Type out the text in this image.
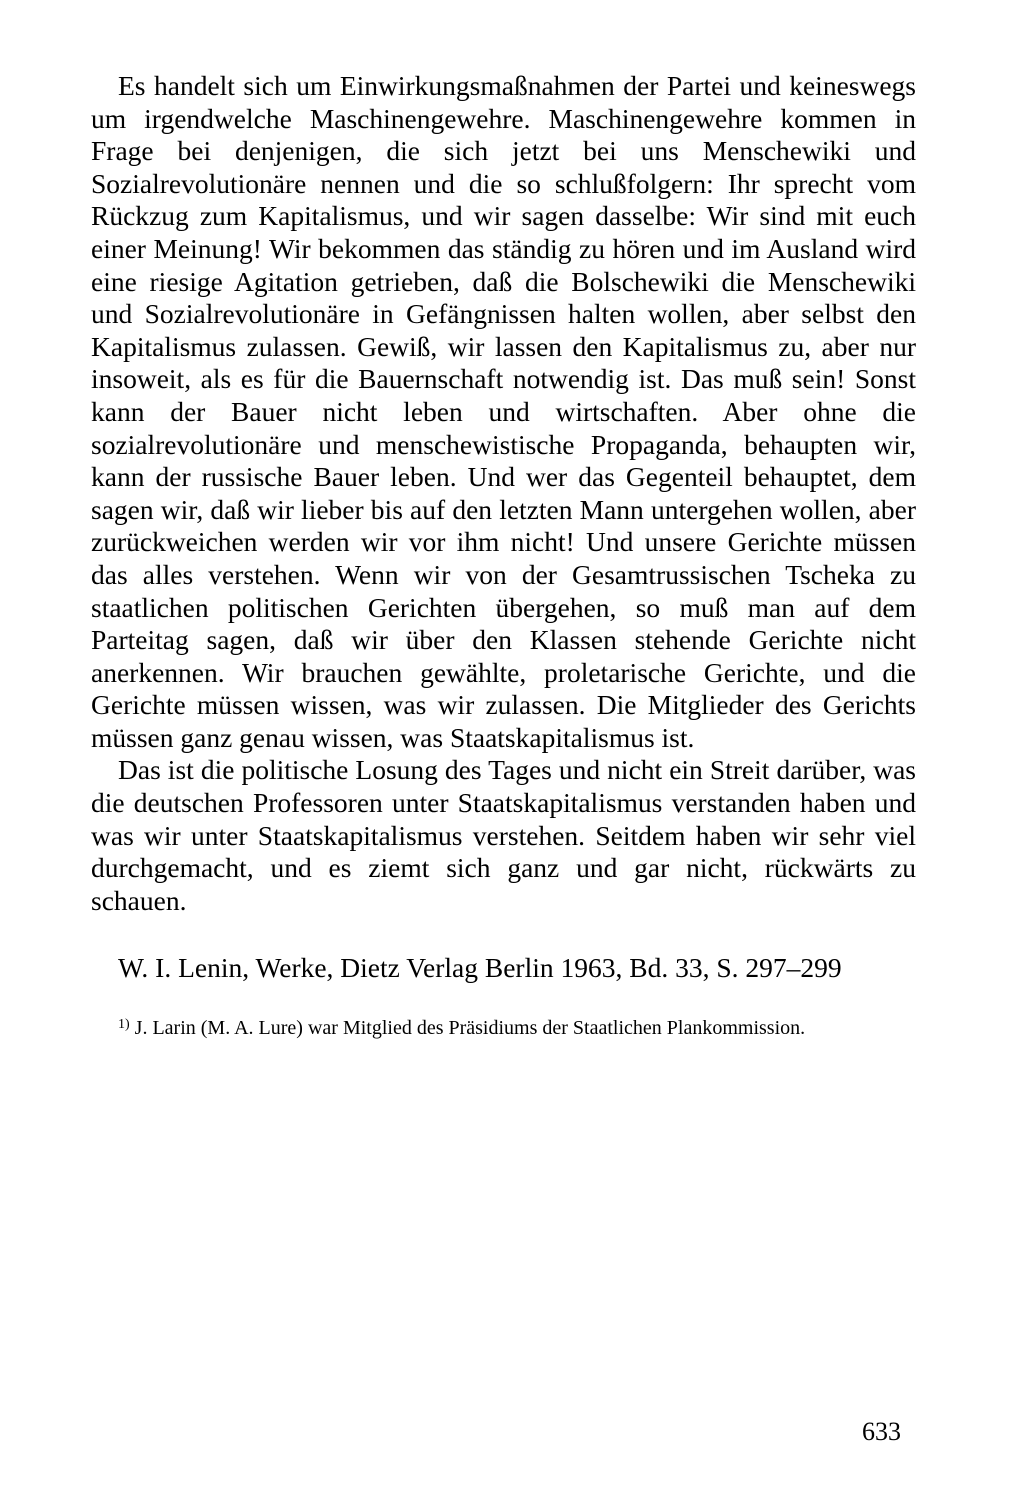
Es handelt sich um Einwirkungsmaßnahmen der Partei und keineswegs um irgendwelche Maschinengewehre. Maschinengewehre kommen in Frage bei denjenigen, die sich jetzt bei uns Menschewiki und Sozialrevolutionäre nennen und die so schlußfolgern: Ihr sprecht vom Rückzug zum Kapitalismus, und wir sagen dasselbe: Wir sind mit euch einer Meinung! Wir bekommen das ständig zu hören und im Ausland wird eine riesige Agitation getrieben, daß die Bolschewiki die Menschewiki und Sozialrevolutionäre in Gefängnissen halten wollen, aber selbst den Kapitalismus zulassen. Gewiß, wir lassen den Kapitalismus zu, aber nur insoweit, als es für die Bauernschaft notwendig ist. Das muß sein! Sonst kann der Bauer nicht leben und wirtschaften. Aber ohne die sozialrevolutionäre und menschewistische Propaganda, behaupten wir, kann der russische Bauer leben. Und wer das Gegenteil behauptet, dem sagen wir, daß wir lieber bis auf den letzten Mann untergehen wollen, aber zurückweichen werden wir vor ihm nicht! Und unsere Gerichte müssen das alles verstehen. Wenn wir von der Gesamtrussischen Tscheka zu staatlichen politischen Gerichten übergehen, so muß man auf dem Parteitag sagen, daß wir über den Klassen stehende Gerichte nicht anerkennen. Wir brauchen gewählte, proletarische Gerichte, und die Gerichte müssen wissen, was wir zulassen. Die Mitglieder des Gerichts müssen ganz genau wissen, was Staatskapitalismus ist.

Das ist die politische Losung des Tages und nicht ein Streit darüber, was die deutschen Professoren unter Staatskapitalismus verstanden haben und was wir unter Staatskapitalismus verstehen. Seitdem haben wir sehr viel durchgemacht, und es ziemt sich ganz und gar nicht, rückwärts zu schauen.

W. I. Lenin, Werke, Dietz Verlag Berlin 1963, Bd. 33, S. 297–299
$^{1)}$ J. Larin (M. A. Lure) war Mitglied des Präsidiums der Staatlichen Plankommission.
633
